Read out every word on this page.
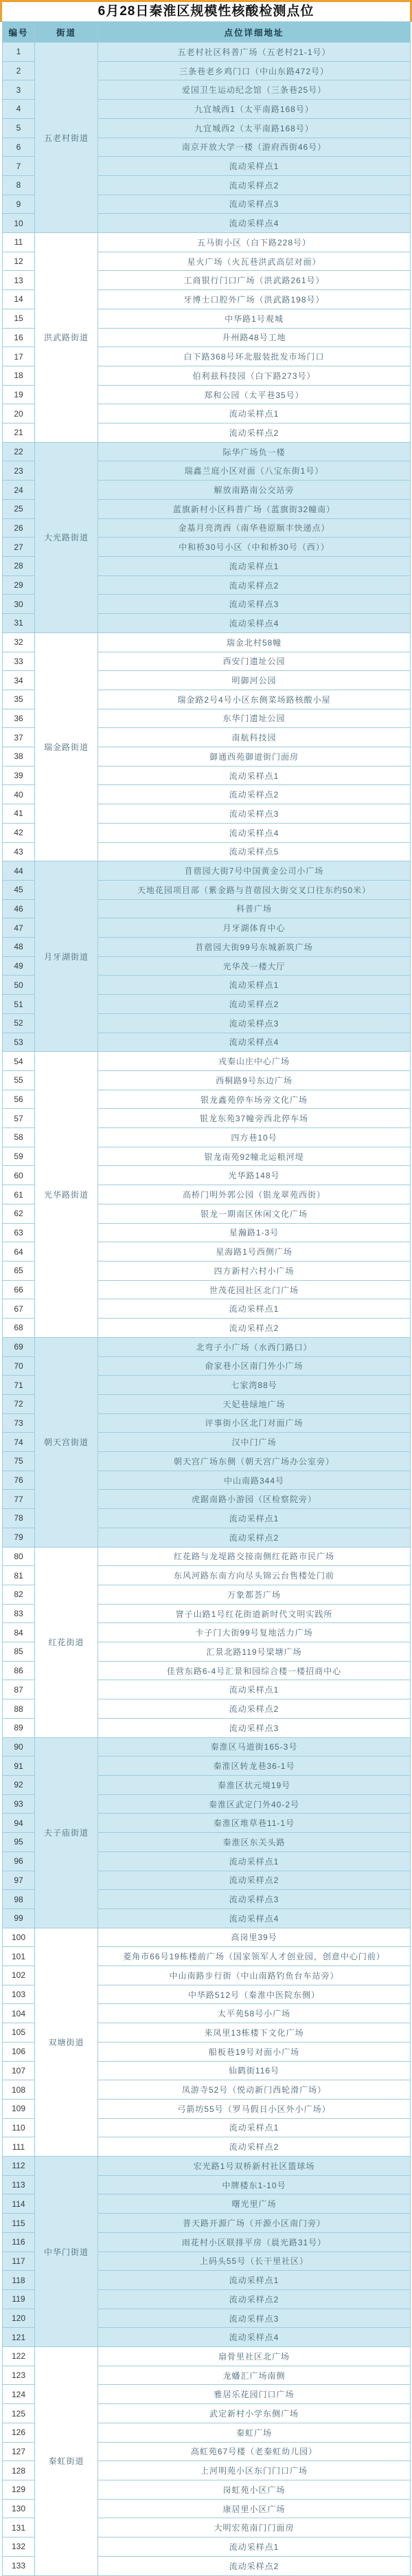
6月28日秦淮区规模性核酸检测点位
编号	街道	点位详细地址
1	五老村街道	五老村社区科普广场（五老村21-1号）
2		三条巷老乡鸡门口（中山东路472号）
3		爱国卫生运动纪念馆（三条巷25号）
4		九宜城西1（太平南路168号）
5		九宜城西2（太平南路168号）
6		南京开放大学一楼（游府西街46号）
7		流动采样点1
8		流动采样点2
9		流动采样点3
10		流动采样点4
11	洪武路街道	五马街小区（白下路228号）
12		星火广场（火瓦巷洪武高层对面）
13		工商银行门口广场（洪武路261号）
14		牙博士口腔外广场（洪武路198号）
15		中华路1号观城
16		升州路48号工地
17		白下路368号环北服装批发市场门口
18		伯利兹科技园（白下路273号）
19		郑和公园（太平巷35号）
20		流动采样点1
21		流动采样点2
22	大光路街道	际华广场负一楼
23		瑞鑫兰庭小区对面（八宝东街1号）
24		解放南路南公交站旁
25		蓝旗新村小区科普广场（蓝旗街32幢南）
26		金基月亮湾西（南华巷原顺丰快递点）
27		中和桥30号小区（中和桥30号（西））
28		流动采样点1
29		流动采样点2
30		流动采样点3
31		流动采样点4
32	瑞金路街道	瑞金北村58幢
33		西安门遗址公园
34		明御河公园
35		瑞金路2号4号小区东侧菜场路核酸小屋
36		东华门遗址公园
37		南航科技园
38		御通西苑御道街门面房
39		流动采样点1
40		流动采样点2
41		流动采样点3
42		流动采样点4
43		流动采样点5
44	月牙湖街道	苜蓿园大街7号中国黄金公司小广场
45		天地花园项目部（紫金路与苜蓿园大街交叉口往东约50米）
46		科普广场
47		月牙湖体育中心
48		苜蓿园大街99号东城新筑广场
49		光华茂一楼大厅
50		流动采样点1
51		流动采样点2
52		流动采样点3
53		流动采样点4
54	光华路街道	戎秦山庄中心广场
55		西桐路9号东边广场
56		银龙鑫苑停车场旁文化广场
57		银龙东苑37幢旁西北停车场
58		四方巷10号
59		银龙南苑92幢北运粮河堤
60		光华路148号
61		高桥门明外郭公园（银龙翠苑西街）
62		银龙一期南区休闲文化广场
63		星瀚路1-3号
64		星海路1号西侧广场
65		四方新村六村小广场
66		世茂花园社区北门广场
67		流动采样点1
68		流动采样点2
69	朝天宫街道	北弯子小广场（水西门路口）
70		俞家巷小区南门外小广场
71		七家湾88号
72		天妃巷绿地广场
73		评事街小区北门对面广场
74		汉中门广场
75		朝天宫广场东侧（朝天宫广场办公室旁）
76		中山南路344号
77		虎踞南路小游园（区检察院旁）
78		流动采样点1
79		流动采样点2
80	红花街道	红花路与龙堤路交接南侧红花路市民广场
81		东风河路东南方向尽头锦云台售楼处门前
82		万象都荟广场
83		窨子山路1号红花街道新时代文明实践所
84		卡子门大街99号复地活力广场
85		汇景北路119号梁塘广场
86		佳营东路6-4号汇景和园综合楼一楼招商中心
87		流动采样点1
88		流动采样点2
89		流动采样点3
90	夫子庙街道	秦淮区马道街165-3号
91		秦淮区转龙巷36-1号
92		秦淮区状元境19号
93		秦淮区武定门外40-2号
94		秦淮区堆草巷11-1号
95		秦淮区东关头路
96		流动采样点1
97		流动采样点2
98		流动采样点3
99		流动采样点4
100	双塘街道	高岗里39号
101		菱角市66号19栋楼前广场（国家领军人才创业园，创意中心门前）
102		中山南路步行街（中山南路钓鱼台车站旁）
103		中华路512号（秦淮中医院东侧）
104		太平苑58号小广场
105		来凤里13栋楼下文化广场
106		船板巷19号对面小广场
107		仙鹤街116号
108		凤游寺52号（悦动新门西轮滑广场）
109		弓箭坊55号（罗马假日小区外小广场）
110		流动采样点1
111		流动采样点2
112	中华门街道	宏光路1号双桥新村社区篮球场
113		中牌楼东1-10号
114		曙光里广场
115		普天路开源广场（开源小区南门旁）
116		雨花村小区联排平房（晨光路31号）
117		上码头55号（长干里社区）
118		流动采样点1
119		流动采样点2
120		流动采样点3
121		流动采样点4
122	秦虹街道	扇骨里社区北广场
123		龙蟠汇广场南侧
124		雅居乐花园门口广场
125		武定新村小学东侧广场
126		秦虹广场
127		高虹苑67号楼（老秦虹幼儿园）
128		上河明苑小区东门门口广场
129		岗虹苑小区广场
130		康居里小区广场
131		大明宏苑南门门面房
132		流动采样点1
133		流动采样点2
